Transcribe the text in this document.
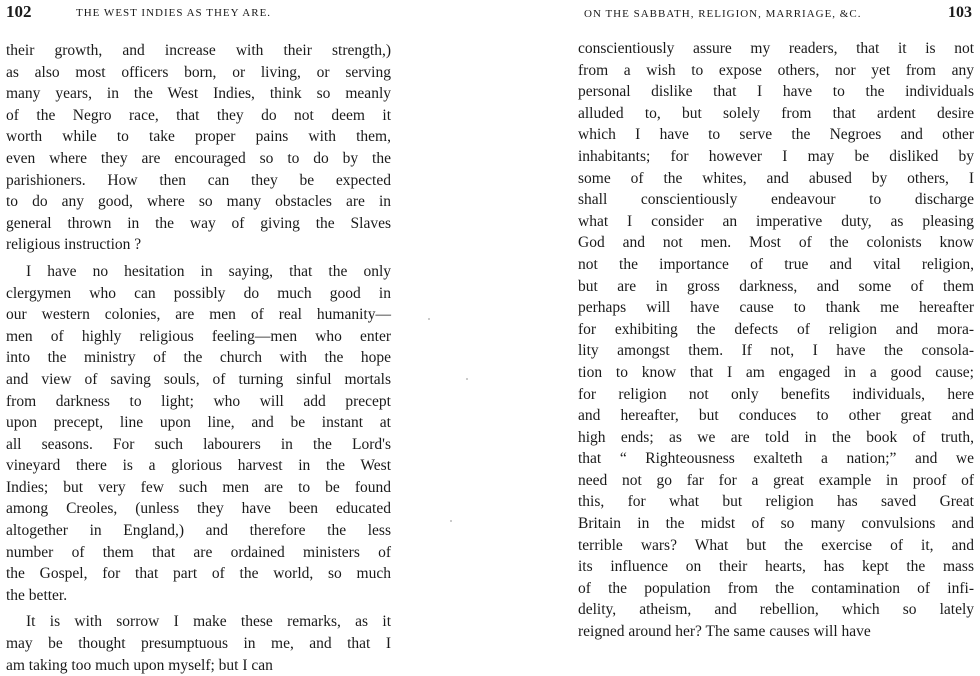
102	THE WEST INDIES AS THEY ARE.
their growth, and increase with their strength,)
as also most officers born, or living, or serving
many years, in the West Indies, think so meanly
of the Negro race, that they do not deem it
worth while to take proper pains with them,
even where they are encouraged so to do by the
parishioners. How then can they be expected
to do any good, where so many obstacles are in
general thrown in the way of giving the Slaves
religious instruction ?
I have no hesitation in saying, that the only
clergymen who can possibly do much good in
our western colonies, are men of real humanity—
men of highly religious feeling—men who enter
into the ministry of the church with the hope
and view of saving souls, of turning sinful mortals
from darkness to light; who will add precept
upon precept, line upon line, and be instant at
all seasons. For such labourers in the Lord's
vineyard there is a glorious harvest in the West
Indies; but very few such men are to be found
among Creoles, (unless they have been educated
altogether in England,) and therefore the less
number of them that are ordained ministers of
the Gospel, for that part of the world, so much
the better.
It is with sorrow I make these remarks, as it
may be thought presumptuous in me, and that I
am taking too much upon myself; but I can
ON THE SABBATH, RELIGION, MARRIAGE, &C.	103
conscientiously assure my readers, that it is not
from a wish to expose others, nor yet from any
personal dislike that I have to the individuals
alluded to, but solely from that ardent desire
which I have to serve the Negroes and other
inhabitants; for however I may be disliked by
some of the whites, and abused by others, I
shall conscientiously endeavour to discharge
what I consider an imperative duty, as pleasing
God and not men. Most of the colonists know
not the importance of true and vital religion,
but are in gross darkness, and some of them
perhaps will have cause to thank me hereafter
for exhibiting the defects of religion and mora-
lity amongst them. If not, I have the consola-
tion to know that I am engaged in a good cause;
for religion not only benefits individuals, here
and hereafter, but conduces to other great and
high ends; as we are told in the book of truth,
that “ Righteousness exalteth a nation;” and we
need not go far for a great example in proof of
this, for what but religion has saved Great
Britain in the midst of so many convulsions and
terrible wars? What but the exercise of it, and
its influence on their hearts, has kept the mass
of the population from the contamination of infi-
delity, atheism, and rebellion, which so lately
reigned around her? The same causes will have
